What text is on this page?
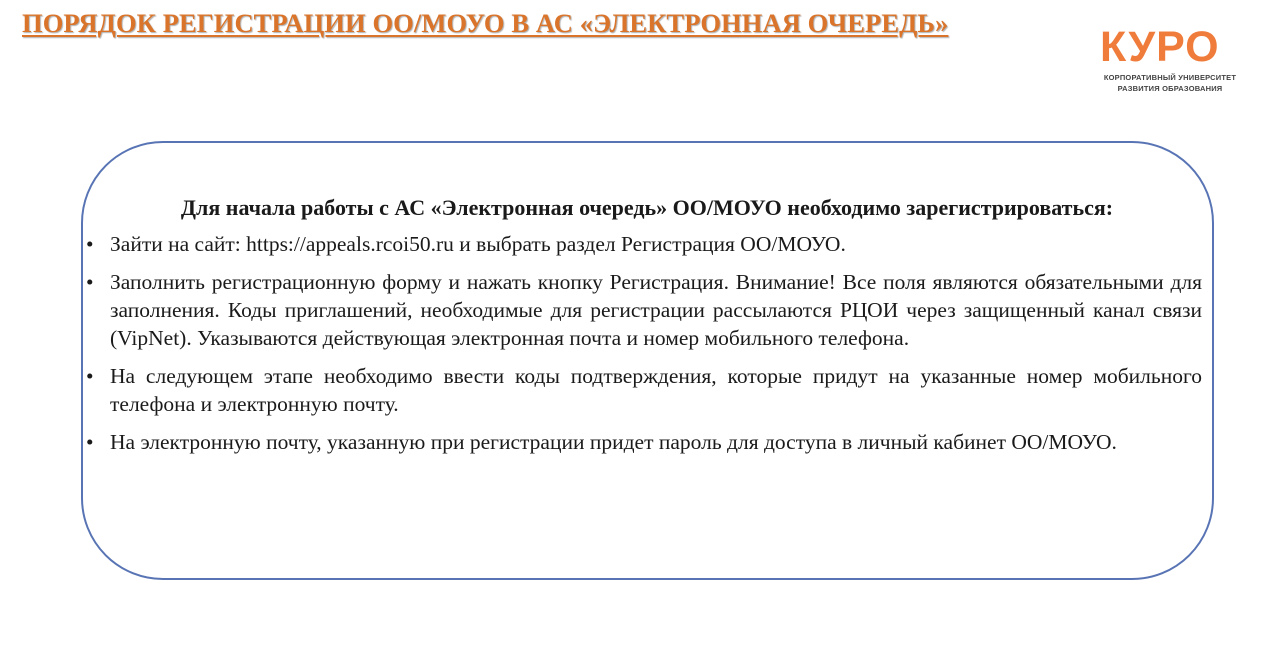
ПОРЯДОК РЕГИСТРАЦИИ ОО/МОУО В АС «ЭЛЕКТРОННАЯ ОЧЕРЕДЬ»	КУРО
КОРПОРАТИВНЫЙ УНИВЕРСИТЕТ
РАЗВИТИЯ ОБРАЗОВАНИЯ

Для начала работы с АС «Электронная очередь» ОО/МОУО необходимо зарегистрироваться:

• Зайти на сайт: https://appeals.rcoi50.ru и выбрать раздел Регистрация ОО/МОУО.
• Заполнить регистрационную форму и нажать кнопку Регистрация. Внимание! Все поля являются обязательными для заполнения. Коды приглашений, необходимые для регистрации рассылаются РЦОИ через защищенный канал связи (VipNet). Указываются действующая электронная почта и номер мобильного телефона.
• На следующем этапе необходимо ввести коды подтверждения, которые придут на указанные номер мобильного телефона и электронную почту.
• На электронную почту, указанную при регистрации придет пароль для доступа в личный кабинет ОО/МОУО.
